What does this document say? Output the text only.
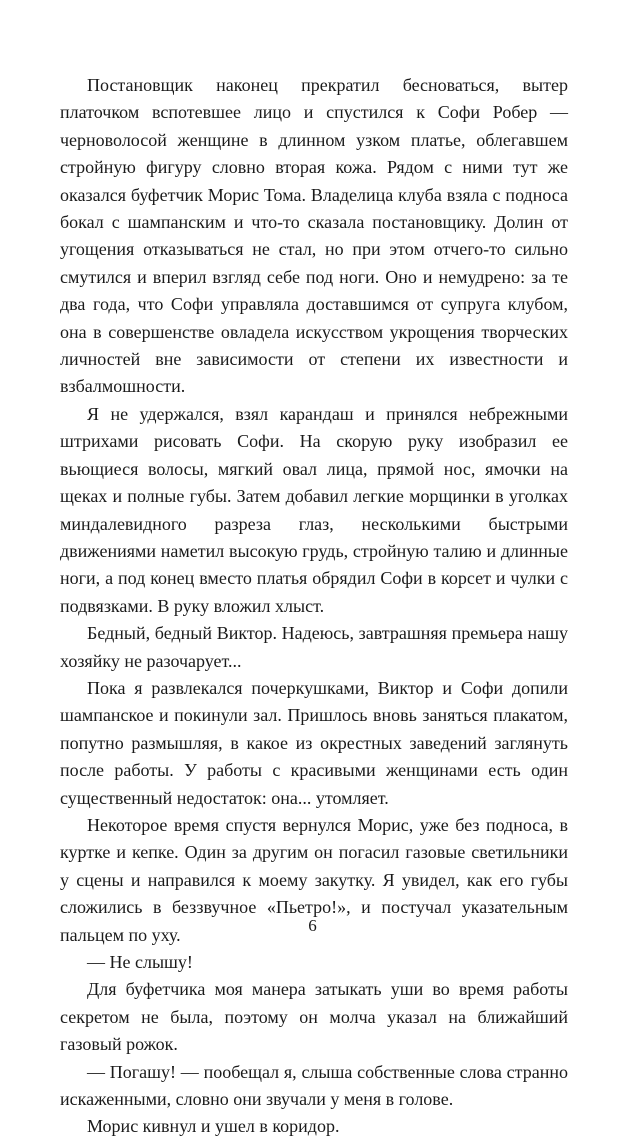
Постановщик наконец прекратил беснoваться, вытер платочком вспотевшее лицо и спустился к Софи Робер — черноволосой женщине в длинном узком платье, облегавшем стройную фигуру словно вторая кожа. Рядом с ними тут же оказался буфетчик Морис Тома. Владелица клуба взяла с подноса бокал с шампанским и что-то сказала постановщику. Долин от угощения отказываться не стал, но при этом отчего-то сильно смутился и вперил взгляд себе под ноги. Оно и немудрено: за те два года, что Софи управляла доставшимся от супруга клубом, она в совершенстве овладела искусством укрощения творческих личностей вне зависимости от степени их известности и взбалмошности.

Я не удержался, взял карандаш и принялся небрежными штрихами рисовать Софи. На скорую руку изобразил ее вьющиеся волосы, мягкий овал лица, прямой нос, ямочки на щеках и полные губы. Затем добавил легкие морщинки в уголках миндалевидного разреза глаз, несколькими быстрыми движениями наметил высокую грудь, стройную талию и длинные ноги, а под конец вместо платья обрядил Софи в корсет и чулки с подвязками. В руку вложил хлыст.

Бедный, бедный Виктор. Надеюсь, завтрашняя премьера нашу хозяйку не разочарует...

Пока я развлекался почеркушками, Виктор и Софи допили шампанское и покинули зал. Пришлось вновь заняться плакатом, попутно размышляя, в какое из окрестных заведений заглянуть после работы. У работы с красивыми женщинами есть один существенный недостаток: она... утомляет.

Некоторое время спустя вернулся Морис, уже без подноса, в куртке и кепке. Один за другим он погасил газовые светильники у сцены и направился к моему закутку. Я увидел, как его губы сложились в беззвучное «Пьетро!», и постучал указательным пальцем по уху.

— Не слышу!

Для буфетчика моя манера затыкать уши во время работы секретом не была, поэтому он молча указал на ближайший газовый рожок.

— Погашу! — пообещал я, слыша собственные слова странно искаженными, словно они звучали у меня в голове.

Морис кивнул и ушел в коридор.

6
